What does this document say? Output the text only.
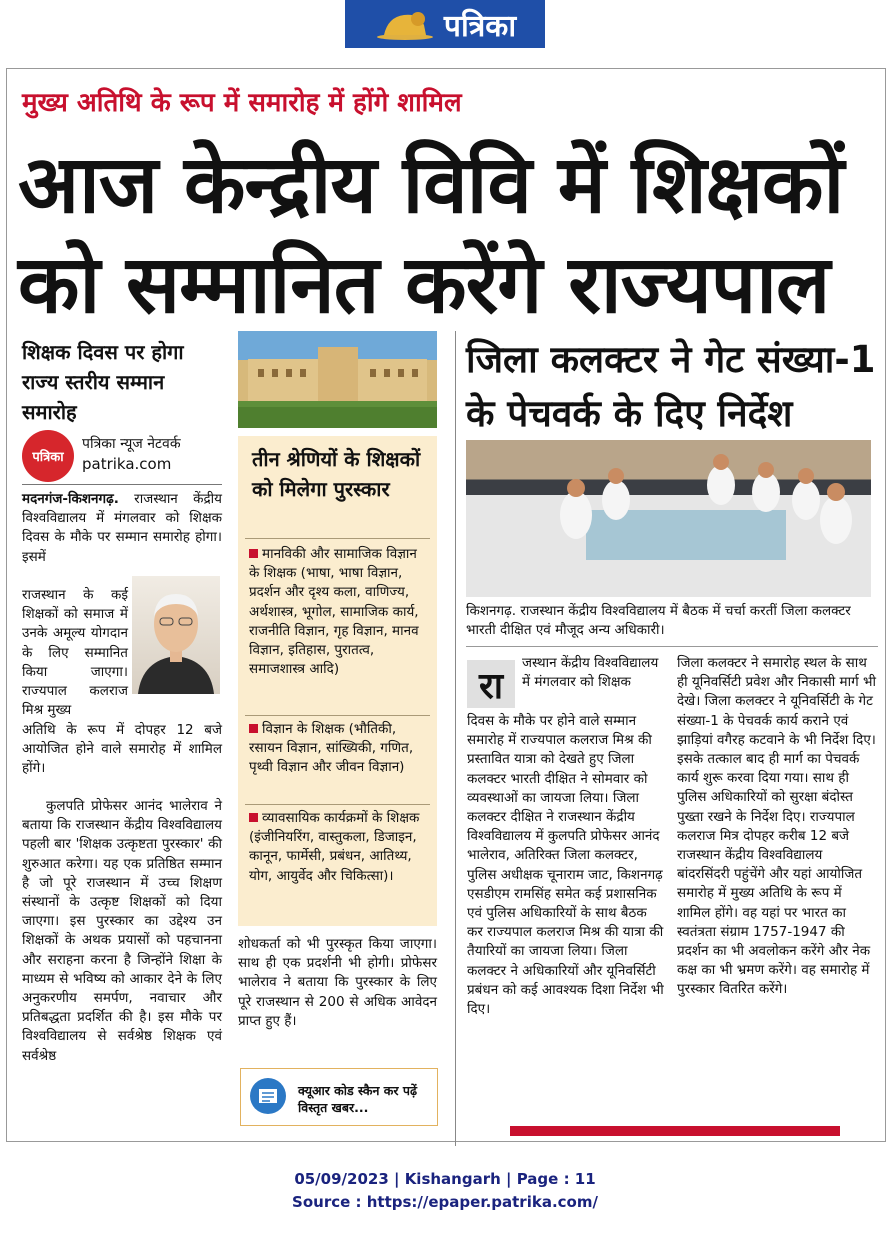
पत्रिका
मुख्य अतिथि के रूप में समारोह में होंगे शामिल
आज केन्द्रीय विवि में शिक्षकों को सम्मानित करेंगे राज्यपाल
शिक्षक दिवस पर होगा राज्य स्तरीय सम्मान समारोह
पत्रिका
पत्रिका न्यूज नेटवर्क
patrika.com
मदनगंज-किशनगढ़. राजस्थान केंद्रीय विश्वविद्यालय में मंगलवार को शिक्षक दिवस के मौके पर सम्मान समारोह होगा। इसमें
राजस्थान के कई शिक्षकों को समाज में उनके अमूल्य योगदान के लिए सम्मानित किया जाएगा। राज्यपाल कलराज मिश्र मुख्य
अतिथि के रूप में दोपहर 12 बजे आयोजित होने वाले समारोह में शामिल होंगे।
कुलपति प्रोफेसर आनंद भालेराव ने बताया कि राजस्थान केंद्रीय विश्वविद्यालय पहली बार 'शिक्षक उत्कृष्टता पुरस्कार' की शुरुआत करेगा। यह एक प्रतिष्ठित सम्मान है जो पूरे राजस्थान में उच्च शिक्षण संस्थानों के उत्कृष्ट शिक्षकों को दिया जाएगा। इस पुरस्कार का उद्देश्य उन शिक्षकों के अथक प्रयासों को पहचानना और सराहना करना है जिन्होंने शिक्षा के माध्यम से भविष्य को आकार देने के लिए अनुकरणीय समर्पण, नवाचार और प्रतिबद्धता प्रदर्शित की है। इस मौके पर विश्वविद्यालय से सर्वश्रेष्ठ शिक्षक एवं सर्वश्रेष्ठ
तीन श्रेणियों के शिक्षकों को मिलेगा पुरस्कार
मानविकी और सामाजिक विज्ञान के शिक्षक (भाषा, भाषा विज्ञान, प्रदर्शन और दृश्य कला, वाणिज्य, अर्थशास्त्र, भूगोल, सामाजिक कार्य, राजनीति विज्ञान, गृह विज्ञान, मानव विज्ञान, इतिहास, पुरातत्व, समाजशास्त्र आदि)
विज्ञान के शिक्षक (भौतिकी, रसायन विज्ञान, सांख्यिकी, गणित, पृथ्वी विज्ञान और जीवन विज्ञान)
व्यावसायिक कार्यक्रमों के शिक्षक (इंजीनियरिंग, वास्तुकला, डिजाइन, कानून, फार्मेसी, प्रबंधन, आतिथ्य, योग, आयुर्वेद और चिकित्सा)।
शोधकर्ता को भी पुरस्कृत किया जाएगा। साथ ही एक प्रदर्शनी भी होगी। प्रोफेसर भालेराव ने बताया कि पुरस्कार के लिए पूरे राजस्थान से 200 से अधिक आवेदन प्राप्त हुए हैं।
क्यूआर कोड स्कैन कर पढ़ें विस्तृत खबर...
जिला कलक्टर ने गेट संख्या-1 के पेचवर्क के दिए निर्देश
किशनगढ़. राजस्थान केंद्रीय विश्वविद्यालय में बैठक में चर्चा करतीं जिला कलक्टर भारती दीक्षित एवं मौजूद अन्य अधिकारी।
रा
जस्थान केंद्रीय विश्वविद्यालय में मंगलवार को शिक्षक
दिवस के मौके पर होने वाले सम्मान समारोह में राज्यपाल कलराज मिश्र की प्रस्तावित यात्रा को देखते हुए जिला कलक्टर भारती दीक्षित ने सोमवार को व्यवस्थाओं का जायजा लिया। जिला कलक्टर दीक्षित ने राजस्थान केंद्रीय विश्वविद्यालय में कुलपति प्रोफेसर आनंद भालेराव, अतिरिक्त जिला कलक्टर, पुलिस अधीक्षक चूनाराम जाट, किशनगढ़ एसडीएम रामसिंह समेत कई प्रशासनिक एवं पुलिस अधिकारियों के साथ बैठक कर राज्यपाल कलराज मिश्र की यात्रा की तैयारियों का जायजा लिया। जिला कलक्टर ने अधिकारियों और यूनिवर्सिटी प्रबंधन को कई आवश्यक दिशा निर्देश भी दिए।
जिला कलक्टर ने समारोह स्थल के साथ ही यूनिवर्सिटी प्रवेश और निकासी मार्ग भी देखे। जिला कलक्टर ने यूनिवर्सिटी के गेट संख्या-1 के पेचवर्क कार्य कराने एवं झाड़ियां वगैरह कटवाने के भी निर्देश दिए। इसके तत्काल बाद ही मार्ग का पेचवर्क कार्य शुरू करवा दिया गया। साथ ही पुलिस अधिकारियों को सुरक्षा बंदोस्त पुख्ता रखने के निर्देश दिए। राज्यपाल कलराज मित्र दोपहर करीब 12 बजे राजस्थान केंद्रीय विश्वविद्यालय बांदरसिंदरी पहुंचेंगे और यहां आयोजित समारोह में मुख्य अतिथि के रूप में शामिल होंगे। वह यहां पर भारत का स्वतंत्रता संग्राम 1757-1947 की प्रदर्शन का भी अवलोकन करेंगे और नेक कक्ष का भी भ्रमण करेंगे। वह समारोह में पुरस्कार वितरित करेंगे।
05/09/2023 | Kishangarh | Page : 11
Source : https://epaper.patrika.com/
